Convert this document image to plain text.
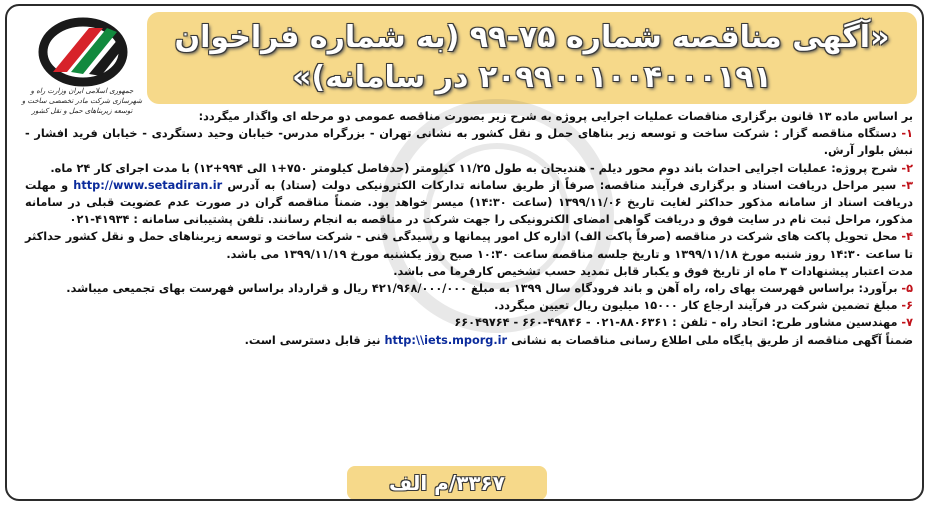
«آگهی مناقصه شماره ۷۵-۹۹ (به شماره فراخوان
۲۰۹۹۰۰۱۰۰۴۰۰۰۱۹۱ در سامانه)»
جمهوری اسلامی ایران وزارت راه و شهرسازی شرکت مادر تخصصی ساخت و توسعه زیربناهای حمل و نقل کشور	بر اساس ماده ۱۳ قانون برگزاری مناقصات عملیات اجرایی پروژه به شرح زیر بصورت مناقصه عمومی دو مرحله ای واگذار میگردد:

۱- دستگاه مناقصه گزار : شرکت ساخت و توسعه زیر بناهای حمل و نقل کشور به نشانی تهران - بزرگراه مدرس- خیابان وحید دستگردی - خیابان فرید افشار - نبش بلوار آرش.

۲- شرح پروژه: عملیات اجرایی احداث باند دوم محور دیلم - هندیجان به طول ۱۱/۲۵ کیلومتر (حدفاصل کیلومتر ۷۵۰+۱ الی ۹۹۴+۱۲) با مدت اجرای کار ۲۴ ماه.

۳- سیر مراحل دریافت اسناد و برگزاری فرآیند مناقصه: صرفاً از طریق سامانه تدارکات الکترونیکی دولت (ستاد) به آدرس http://www.setadiran.ir و مهلت دریافت اسناد از سامانه مذکور حداکثر لغایت تاریخ ۱۳۹۹/۱۱/۰۶ (ساعت ۱۴:۳۰) میسر خواهد بود. ضمناً مناقصه گران در صورت عدم عضویت قبلی در سامانه مذکور، مراحل ثبت نام در سایت فوق و دریافت گواهی امضای الکترونیکی را جهت شرکت در مناقصه به انجام رسانند. تلفن پشتیبانی سامانه : ۴۱۹۳۴-۰۲۱

۴- محل تحویل پاکت های شرکت در مناقصه (صرفاً پاکت الف) اداره کل امور پیمانها و رسیدگی فنی - شرکت ساخت و توسعه زیربناهای حمل و نقل کشور حداکثر تا ساعت ۱۴:۳۰ روز شنبه مورخ ۱۳۹۹/۱۱/۱۸ و تاریخ جلسه مناقصه ساعت ۱۰:۳۰ صبح روز یکشنبه مورخ ۱۳۹۹/۱۱/۱۹ می باشد.

مدت اعتبار پیشنهادات ۳ ماه از تاریخ فوق و یکبار قابل تمدید حسب تشخیص کارفرما می باشد.

۵- برآورد: براساس فهرست بهای راه، راه آهن و باند فرودگاه سال ۱۳۹۹ به مبلغ ۴۲۱/۹۶۸/۰۰۰/۰۰۰ ریال و قرارداد براساس فهرست بهای تجمیعی میباشد.

۶- مبلغ تضمین شرکت در فرآیند ارجاع کار ۱۵۰۰۰ میلیون ریال تعیین میگردد.

۷- مهندسین مشاور طرح: اتحاد راه - تلفن : ۸۸۰۶۳۶۱-۰۲۱ - ۴۹۸۴۶-۶۶۰ - ۶۶۰۴۹۷۶۴

ضمناً آگهی مناقصه از طریق پایگاه ملی اطلاع رسانی مناقصات به نشانی http:\\iets.mporg.ir نیز قابل دسترسی است.

۳۳۶۷/م الف
